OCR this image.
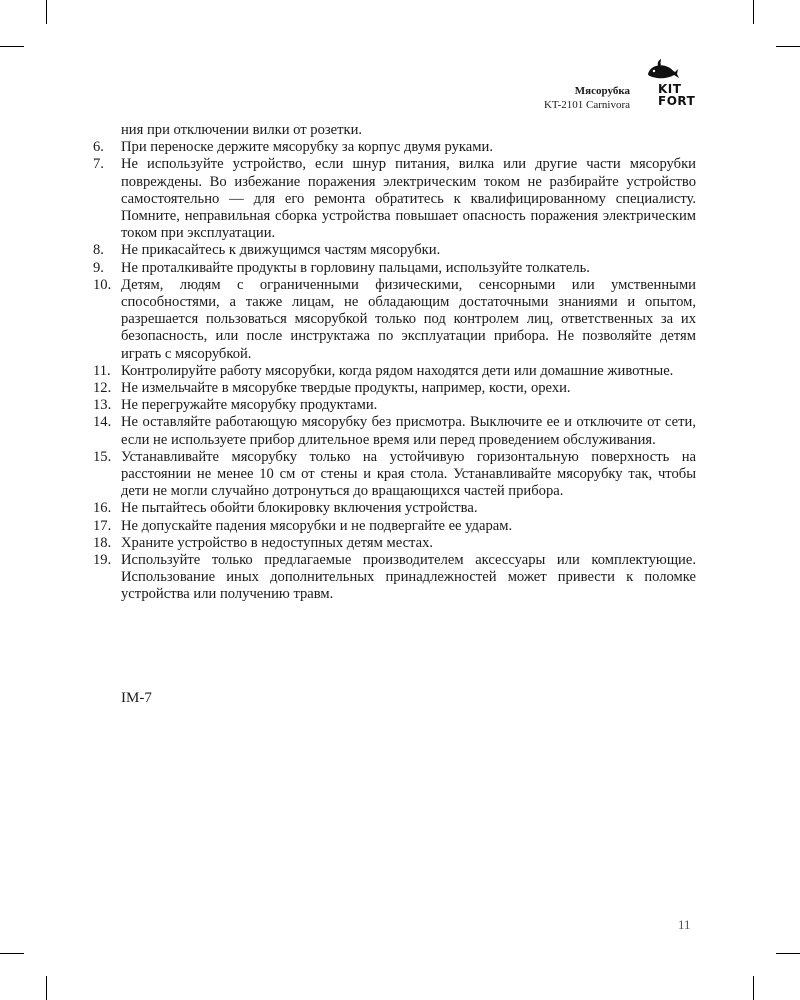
Мясорубка
KT-2101 Carnivora
KIT
FORT

ния при отключении вилки от розетки.

6.	При переноске держите мясорубку за корпус двумя руками.
7.	Не используйте устройство, если шнур питания, вилка или другие части мясорубки повреждены. Во избежание поражения электрическим током не разбирайте устройство самостоятельно — для его ремонта обратитесь к квалифицированному специалисту. Помните, неправильная сборка устройства повышает опасность поражения электрическим током при эксплуатации.
8.	Не прикасайтесь к движущимся частям мясорубки.
9.	Не проталкивайте продукты в горловину пальцами, используйте толкатель.
10. Детям, людям с ограниченными физическими, сенсорными или умственными способностями, а также лицам, не обладающим достаточными знаниями и опытом, разрешается пользоваться мясорубкой только под контролем лиц, ответственных за их безопасность, или после инструктажа по эксплуатации прибора. Не позволяйте детям играть с мясорубкой.
11. Контролируйте работу мясорубки, когда рядом находятся дети или домашние животные.
12. Не измельчайте в мясорубке твердые продукты, например, кости, орехи.
13. Не перегружайте мясорубку продуктами.
14. Не оставляйте работающую мясорубку без присмотра. Выключите ее и отключите от сети, если не используете прибор длительное время или перед проведением обслуживания.
15. Устанавливайте мясорубку только на устойчивую горизонтальную поверхность на расстоянии не менее 10 см от стены и края стола. Устанавливайте мясорубку так, чтобы дети не могли случайно дотронуться до вращающихся частей прибора.
16. Не пытайтесь обойти блокировку включения устройства.
17. Не допускайте падения мясорубки и не подвергайте ее ударам.
18. Храните устройство в недоступных детям местах.
19. Используйте только предлагаемые производителем аксессуары или комплектующие. Использование иных дополнительных принадлежностей может привести к поломке устройства или получению травм.
IM-7
11
